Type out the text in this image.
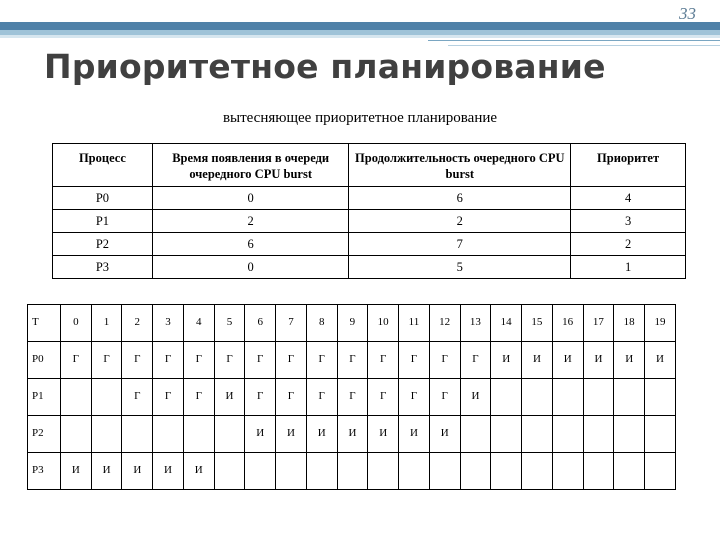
33
Приоритетное планирование
вытесняющее приоритетное планирование
Процесс	Время появления в очереди очередного CPU burst	Продолжительность очередного CPU burst	Приоритет
P0	0	6	4
P1	2	2	3
P2	6	7	2
P3	0	5	1
T	0	1	2	3	4	5	6	7	8	9	10	11	12	13	14	15	16	17	18	19
P0	Г	Г	Г	Г	Г	Г	Г	Г	Г	Г	Г	Г	Г	Г	И	И	И	И	И	И
P1			Г	Г	Г	И	Г	Г	Г	Г	Г	Г	Г	И						
P2							И	И	И	И	И	И	И							
P3	И	И	И	И	И															
